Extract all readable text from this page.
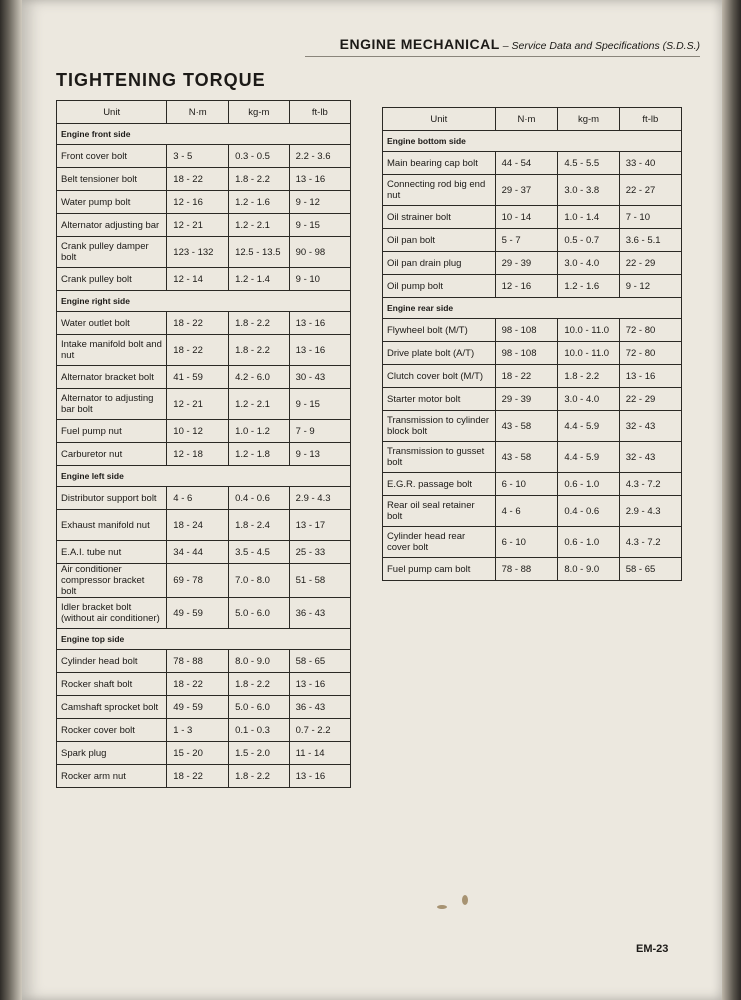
ENGINE MECHANICAL – Service Data and Specifications (S.D.S.)
TIGHTENING TORQUE
Unit	N·m	kg-m	ft-lb
Engine front side			
Front cover bolt	3 - 5	0.3 - 0.5	2.2 - 3.6
Belt tensioner bolt	18 - 22	1.8 - 2.2	13 - 16
Water pump bolt	12 - 16	1.2 - 1.6	9 - 12
Alternator adjusting bar	12 - 21	1.2 - 2.1	9 - 15
Crank pulley damper bolt	123 - 132	12.5 - 13.5	90 - 98
Crank pulley bolt	12 - 14	1.2 - 1.4	9 - 10
Engine right side			
Water outlet bolt	18 - 22	1.8 - 2.2	13 - 16
Intake manifold bolt and nut	18 - 22	1.8 - 2.2	13 - 16
Alternator bracket bolt	41 - 59	4.2 - 6.0	30 - 43
Alternator to adjusting bar bolt	12 - 21	1.2 - 2.1	9 - 15
Fuel pump nut	10 - 12	1.0 - 1.2	7 - 9
Carburetor nut	12 - 18	1.2 - 1.8	9 - 13
Engine left side			
Distributor support bolt	4 - 6	0.4 - 0.6	2.9 - 4.3
Exhaust manifold nut	18 - 24	1.8 - 2.4	13 - 17
E.A.I. tube nut	34 - 44	3.5 - 4.5	25 - 33
Air conditioner compressor bracket bolt	69 - 78	7.0 - 8.0	51 - 58
Idler bracket bolt (without air conditioner)	49 - 59	5.0 - 6.0	36 - 43
Engine top side			
Cylinder head bolt	78 - 88	8.0 - 9.0	58 - 65
Rocker shaft bolt	18 - 22	1.8 - 2.2	13 - 16
Camshaft sprocket bolt	49 - 59	5.0 - 6.0	36 - 43
Rocker cover bolt	1 - 3	0.1 - 0.3	0.7 - 2.2
Spark plug	15 - 20	1.5 - 2.0	11 - 14
Rocker arm nut	18 - 22	1.8 - 2.2	13 - 16
Unit	N·m	kg-m	ft-lb
Engine bottom side			
Main bearing cap bolt	44 - 54	4.5 - 5.5	33 - 40
Connecting rod big end nut	29 - 37	3.0 - 3.8	22 - 27
Oil strainer bolt	10 - 14	1.0 - 1.4	7 - 10
Oil pan bolt	5 - 7	0.5 - 0.7	3.6 - 5.1
Oil pan drain plug	29 - 39	3.0 - 4.0	22 - 29
Oil pump bolt	12 - 16	1.2 - 1.6	9 - 12
Engine rear side			
Flywheel bolt (M/T)	98 - 108	10.0 - 11.0	72 - 80
Drive plate bolt (A/T)	98 - 108	10.0 - 11.0	72 - 80
Clutch cover bolt (M/T)	18 - 22	1.8 - 2.2	13 - 16
Starter motor bolt	29 - 39	3.0 - 4.0	22 - 29
Transmission to cylinder block bolt	43 - 58	4.4 - 5.9	32 - 43
Transmission to gusset bolt	43 - 58	4.4 - 5.9	32 - 43
E.G.R. passage bolt	6 - 10	0.6 - 1.0	4.3 - 7.2
Rear oil seal retainer bolt	4 - 6	0.4 - 0.6	2.9 - 4.3
Cylinder head rear cover bolt	6 - 10	0.6 - 1.0	4.3 - 7.2
Fuel pump cam bolt	78 - 88	8.0 - 9.0	58 - 65
EM-23
